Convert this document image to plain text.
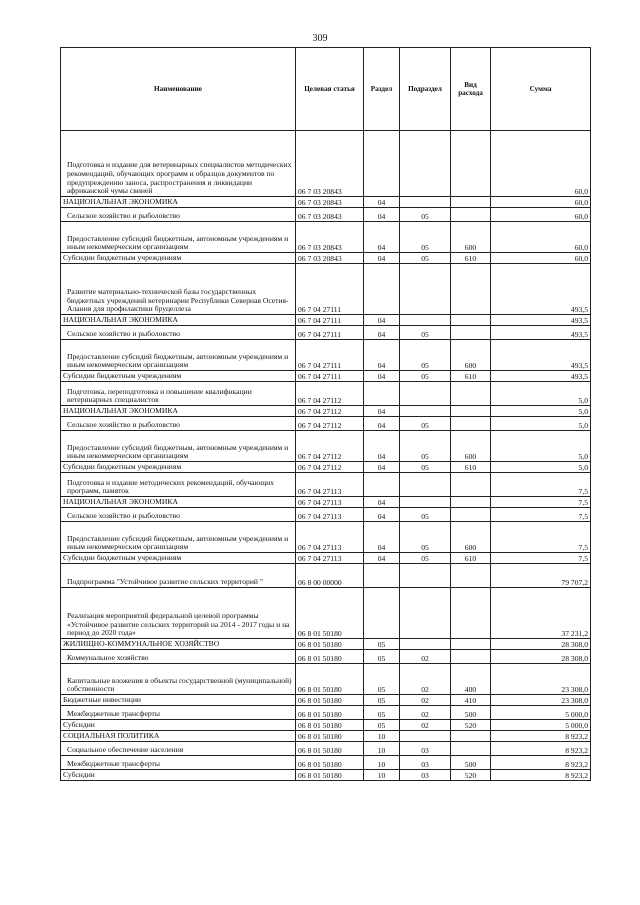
309
Наименование	Целевая статья	Раздел	Подраздел	Вид расхода	Сумма
Подготовка и издание для ветеринарных специалистов методических рекомендаций, обучающих программ и образцов документов по предупреждению заноса, распространения и ликвидации африканской чумы свиней	06 7 03 20843				60,0
НАЦИОНАЛЬНАЯ ЭКОНОМИКА	06 7 03 20843	04			60,0
Сельское хозяйство и рыболовство	06 7 03 20843	04	05		60,0
Предоставление субсидий бюджетным, автономным учреждениям и иным некоммерческим организациям	06 7 03 20843	04	05	600	60,0
Субсидии бюджетным учреждениям	06 7 03 20843	04	05	610	60,0
Развитие материально-технической базы государственных бюджетных учреждений ветеринарии Республики Северная Осетия-Алания для профилактики бруцеллеза	06 7 04 27111				493,5
НАЦИОНАЛЬНАЯ ЭКОНОМИКА	06 7 04 27111	04			493,5
Сельское хозяйство и рыболовство	06 7 04 27111	04	05		493,5
Предоставление субсидий бюджетным, автономным учреждениям и иным некоммерческим организациям	06 7 04 27111	04	05	600	493,5
Субсидии бюджетным учреждениям	06 7 04 27111	04	05	610	493,5
Подготовка, переподготовка и повышение квалификации ветеринарных специалистов	06 7 04 27112				5,0
НАЦИОНАЛЬНАЯ ЭКОНОМИКА	06 7 04 27112	04			5,0
Сельское хозяйство и рыболовство	06 7 04 27112	04	05		5,0
Предоставление субсидий бюджетным, автономным учреждениям и иным некоммерческим организациям	06 7 04 27112	04	05	600	5,0
Субсидии бюджетным учреждениям	06 7 04 27112	04	05	610	5,0
Подготовка и издание методических рекомендаций, обучающих программ, памяток	06 7 04 27113				7,5
НАЦИОНАЛЬНАЯ ЭКОНОМИКА	06 7 04 27113	04			7,5
Сельское хозяйство и рыболовство	06 7 04 27113	04	05		7,5
Предоставление субсидий бюджетным, автономным учреждениям и иным некоммерческим организациям	06 7 04 27113	04	05	600	7,5
Субсидии бюджетным учреждениям	06 7 04 27113	04	05	610	7,5
Подпрограмма "Устойчивое развитие сельских территорий "	06 8 00 00000				79 707,2
Реализация мероприятий федеральной целевой программы «Устойчивое развитие сельских территорий на 2014 - 2017 годы и на период до 2020 года»	06 8 01 50180				37 231,2
ЖИЛИЩНО-КОММУНАЛЬНОЕ ХОЗЯЙСТВО	06 8 01 50180	05			28 308,0
Коммунальное хозяйство	06 8 01 50180	05	02		28 308,0
Капитальные вложения в объекты государственной (муниципальной) собственности	06 8 01 50180	05	02	400	23 308,0
Бюджетные инвестиции	06 8 01 50180	05	02	410	23 308,0
Межбюджетные трансферты	06 8 01 50180	05	02	500	5 000,0
Субсидии	06 8 01 50180	05	02	520	5 000,0
СОЦИАЛЬНАЯ ПОЛИТИКА	06 8 01 50180	10			8 923,2
Социальное обеспечение населения	06 8 01 50180	10	03		8 923,2
Межбюджетные трансферты	06 8 01 50180	10	03	500	8 923,2
Субсидии	06 8 01 50180	10	03	520	8 923,2
